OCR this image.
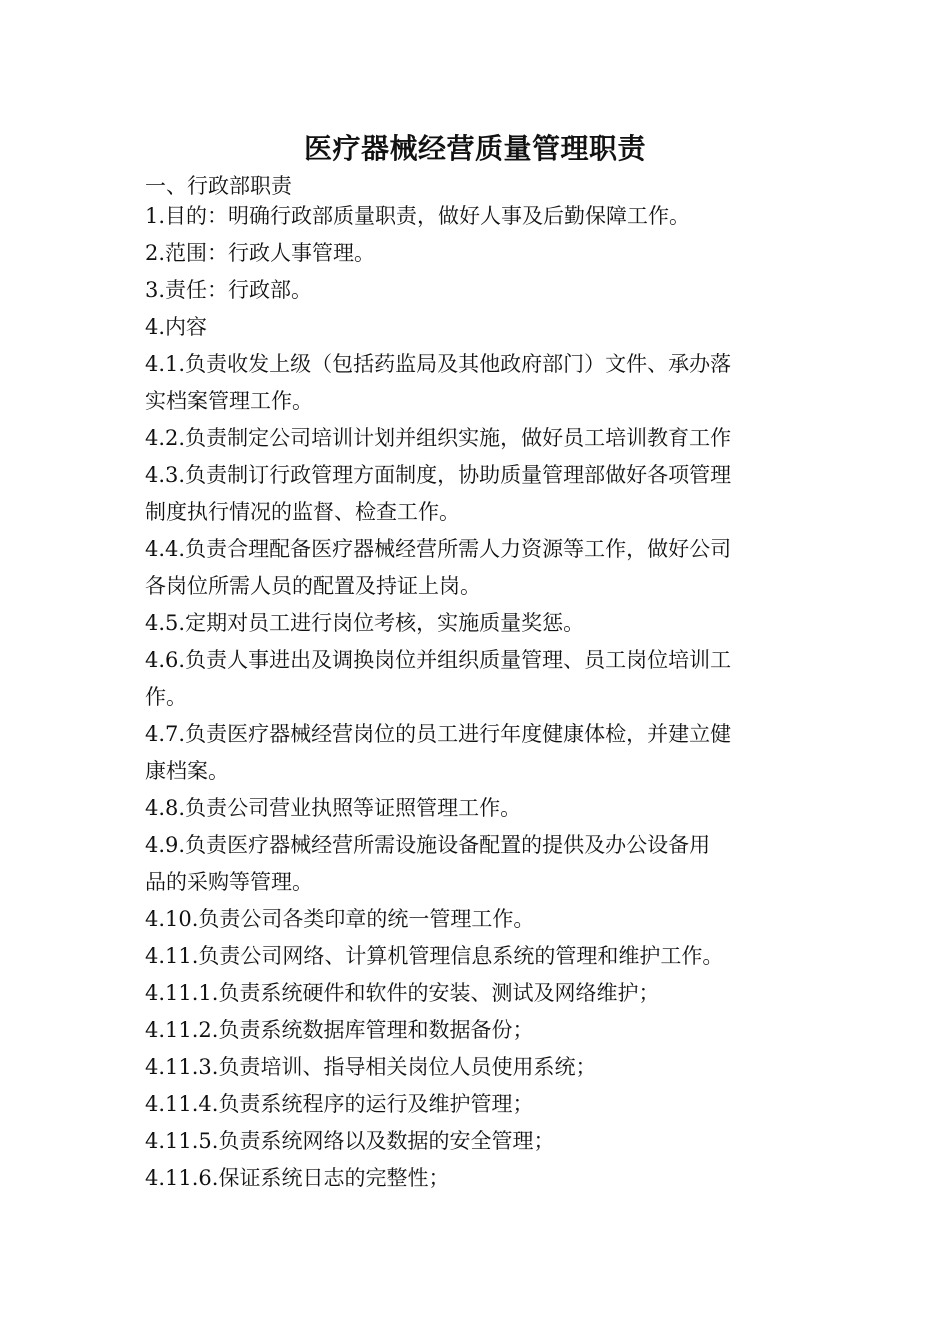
医疗器械经营质量管理职责

一、行政部职责

1.目的：明确行政部质量职责，做好人事及后勤保障工作。

2.范围：行政人事管理。

3.责任：行政部。

4.内容

4.1.负责收发上级（包括药监局及其他政府部门）文件、承办落

实档案管理工作。

4.2.负责制定公司培训计划并组织实施，做好员工培训教育工作

4.3.负责制订行政管理方面制度，协助质量管理部做好各项管理

制度执行情况的监督、检查工作。

4.4.负责合理配备医疗器械经营所需人力资源等工作，做好公司

各岗位所需人员的配置及持证上岗。

4.5.定期对员工进行岗位考核，实施质量奖惩。

4.6.负责人事进出及调换岗位并组织质量管理、员工岗位培训工

作。

4.7.负责医疗器械经营岗位的员工进行年度健康体检，并建立健

康档案。

4.8.负责公司营业执照等证照管理工作。

4.9.负责医疗器械经营所需设施设备配置的提供及办公设备用

品的采购等管理。

4.10.负责公司各类印章的统一管理工作。

4.11.负责公司网络、计算机管理信息系统的管理和维护工作。

4.11.1.负责系统硬件和软件的安装、测试及网络维护；

4.11.2.负责系统数据库管理和数据备份；

4.11.3.负责培训、指导相关岗位人员使用系统；

4.11.4.负责系统程序的运行及维护管理；

4.11.5.负责系统网络以及数据的安全管理；

4.11.6.保证系统日志的完整性；
